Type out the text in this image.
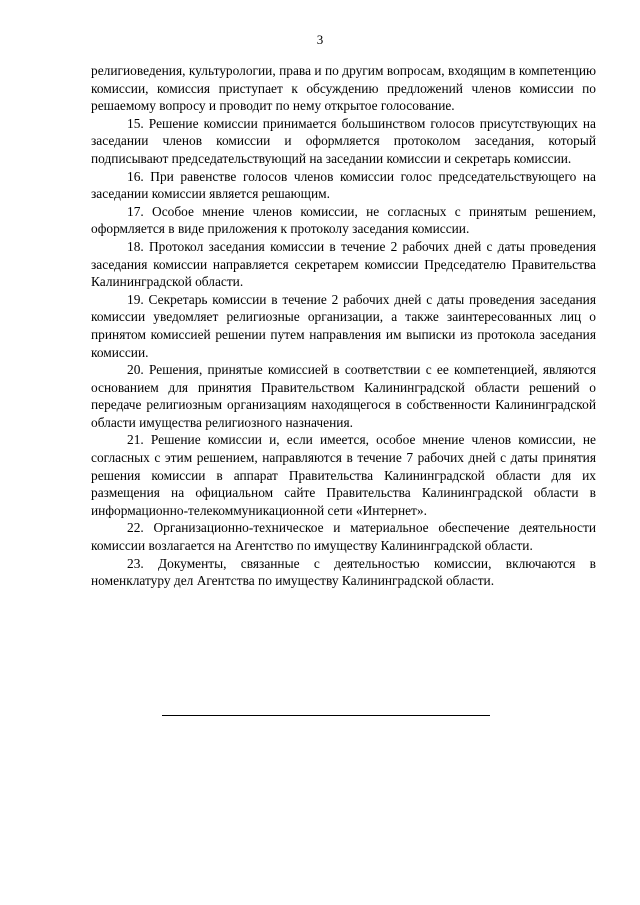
3

религиоведения, культурологии, права и по другим вопросам, входящим в компетенцию комиссии, комиссия приступает к обсуждению предложений членов комиссии по решаемому вопросу и проводит по нему открытое голосование.

15. Решение комиссии принимается большинством голосов присутствующих на заседании членов комиссии и оформляется протоколом заседания, который подписывают председательствующий на заседании комиссии и секретарь комиссии.

16. При равенстве голосов членов комиссии голос председательствующего на заседании комиссии является решающим.

17. Особое мнение членов комиссии, не согласных с принятым решением, оформляется в виде приложения к протоколу заседания комиссии.

18. Протокол заседания комиссии в течение 2 рабочих дней с даты проведения заседания комиссии направляется секретарем комиссии Председателю Правительства Калининградской области.

19. Секретарь комиссии в течение 2 рабочих дней с даты проведения заседания комиссии уведомляет религиозные организации, а также заинтересованных лиц о принятом комиссией решении путем направления им выписки из протокола заседания комиссии.

20. Решения, принятые комиссией в соответствии с ее компетенцией, являются основанием для принятия Правительством Калининградской области решений о передаче религиозным организациям находящегося в собственности Калининградской области имущества религиозного назначения.

21. Решение комиссии и, если имеется, особое мнение членов комиссии, не согласных с этим решением, направляются в течение 7 рабочих дней с даты принятия решения комиссии в аппарат Правительства Калининградской области для их размещения на официальном сайте Правительства Калининградской области в информационно-телекоммуникационной сети «Интернет».

22. Организационно-техническое и материальное обеспечение деятельности комиссии возлагается на Агентство по имуществу Калининградской области.

23. Документы, связанные с деятельностью комиссии, включаются в номенклатуру дел Агентства по имуществу Калининградской области.
